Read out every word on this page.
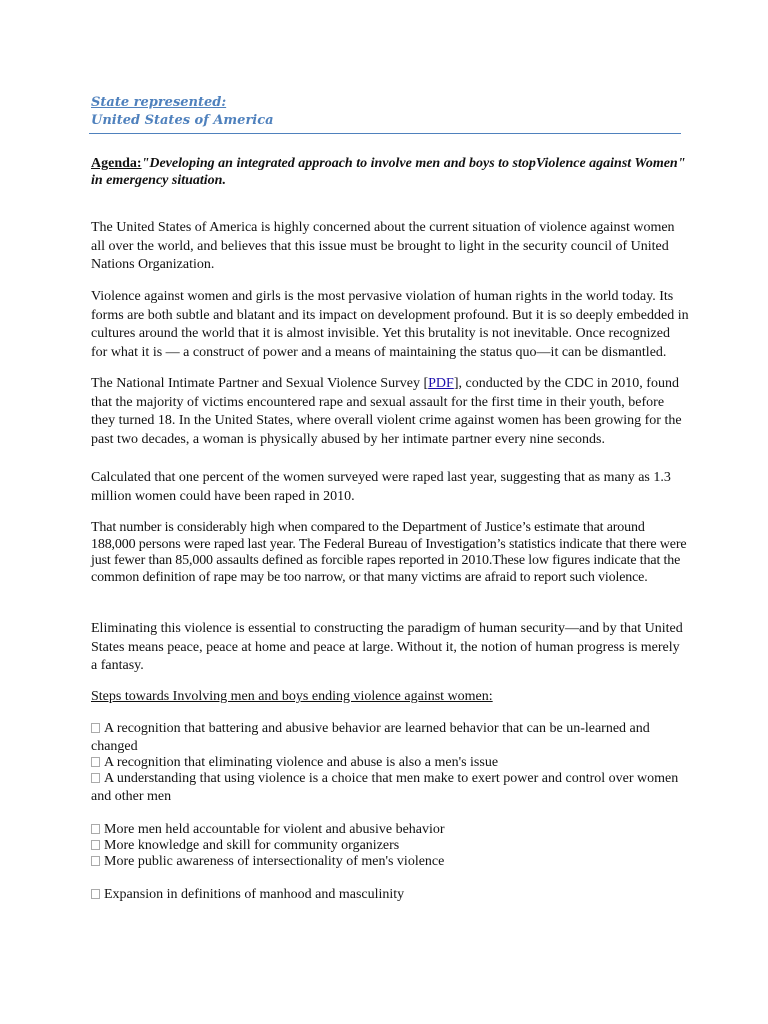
State represented:
United States of America
Agenda:"Developing an integrated approach to involve men and boys to stopViolence against Women" in emergency situation.

The United States of America is highly concerned about the current situation of violence against women all over the world, and believes that this issue must be brought to light in the security council of United Nations Organization.

Violence against women and girls is the most pervasive violation of human rights in the world today. Its forms are both subtle and blatant and its impact on development profound. But it is so deeply embedded in cultures around the world that it is almost invisible. Yet this brutality is not inevitable. Once recognized for what it is — a construct of power and a means of maintaining the status quo—it can be dismantled.

The National Intimate Partner and Sexual Violence Survey [PDF], conducted by the CDC in 2010, found that the majority of victims encountered rape and sexual assault for the first time in their youth, before they turned 18. In the United States, where overall violent crime against women has been growing for the past two decades, a woman is physically abused by her intimate partner every nine seconds.

Calculated that one percent of the women surveyed were raped last year, suggesting that as many as 1.3 million women could have been raped in 2010.

That number is considerably high when compared to the Department of Justice’s estimate that around 188,000 persons were raped last year. The Federal Bureau of Investigation’s statistics indicate that there were just fewer than 85,000 assaults defined as forcible rapes reported in 2010.These low figures indicate that the common definition of rape may be too narrow, or that many victims are afraid to report such violence.

Eliminating this violence is essential to constructing the paradigm of human security—and by that United States means peace, peace at home and peace at large. Without it, the notion of human progress is merely a fantasy.

Steps towards Involving men and boys ending violence against women:
A recognition that battering and abusive behavior are learned behavior that can be un-learned and changed
A recognition that eliminating violence and abuse is also a men's issue
A understanding that using violence is a choice that men make to exert power and control over women and other men
More men held accountable for violent and abusive behavior
More knowledge and skill for community organizers
More public awareness of intersectionality of men's violence
Expansion in definitions of manhood and masculinity
